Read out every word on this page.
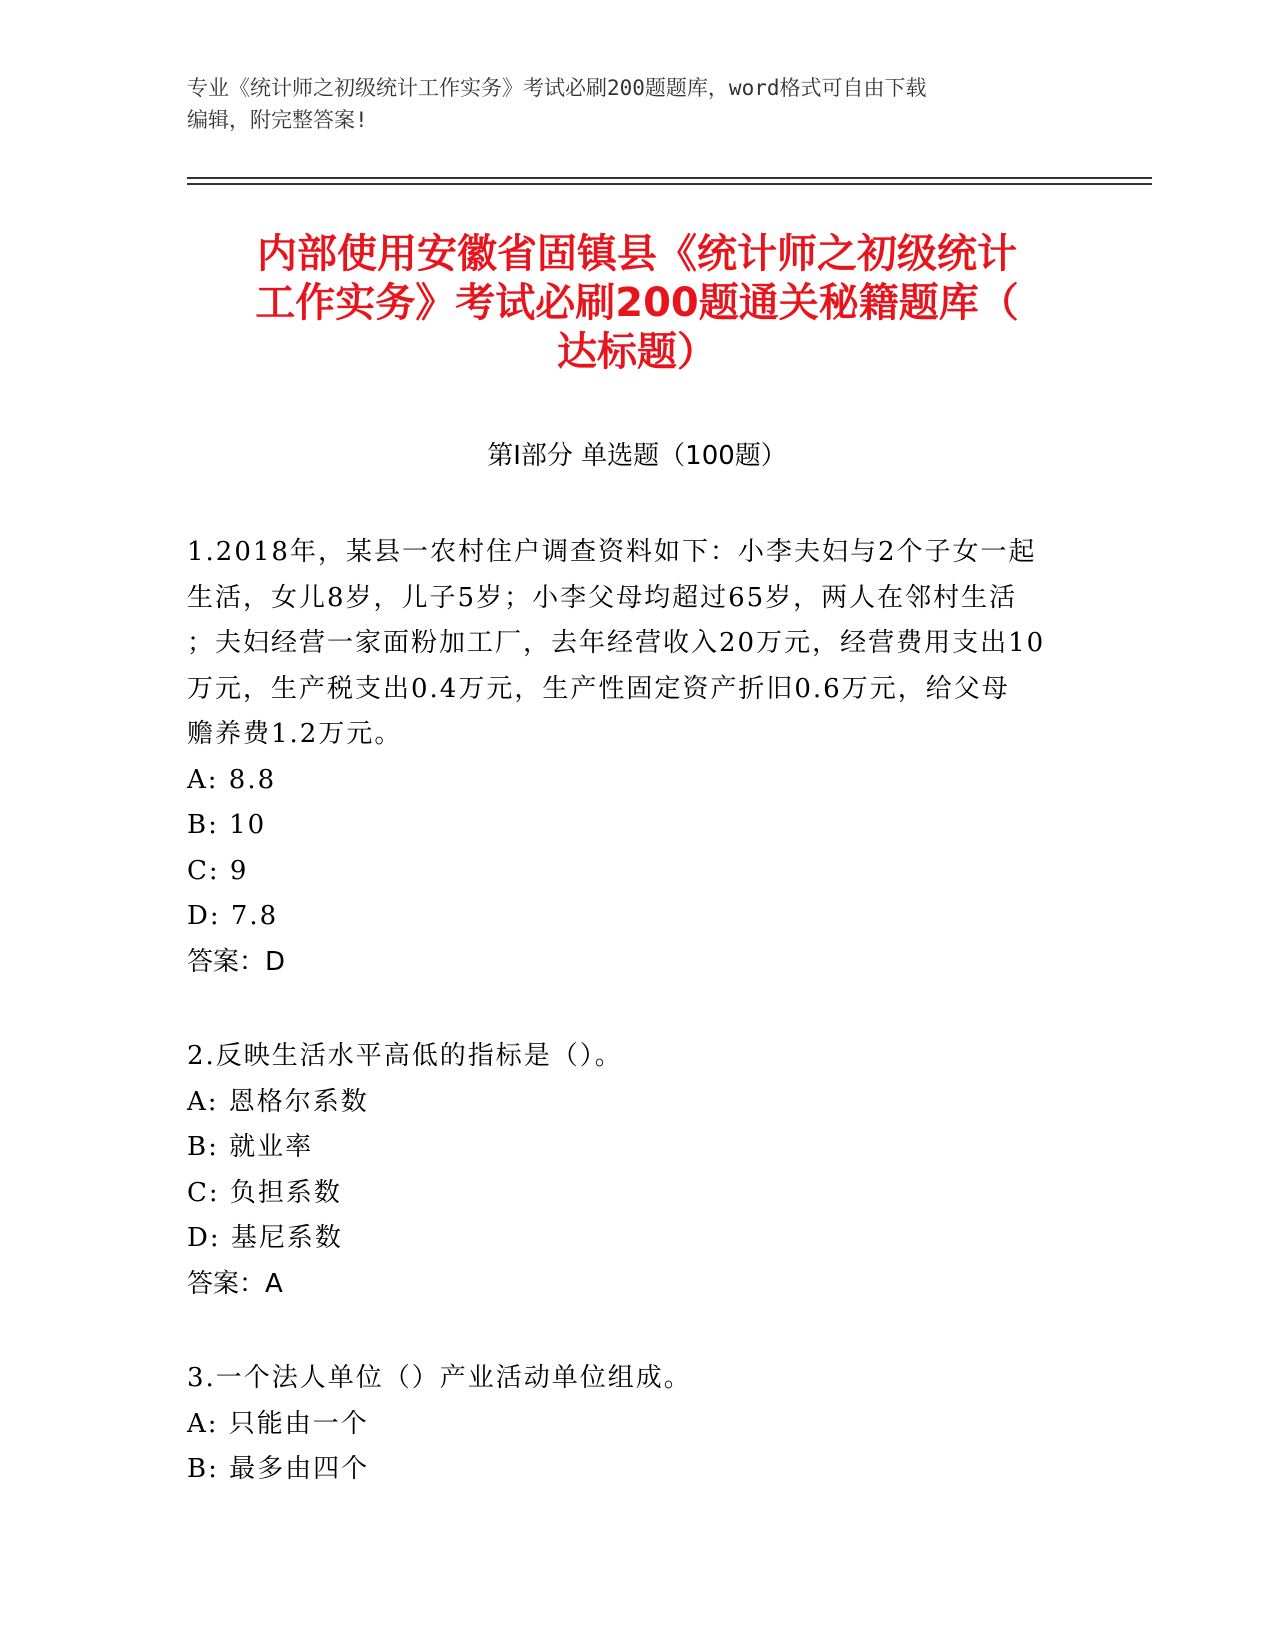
专业《统计师之初级统计工作实务》考试必刷200题题库，word格式可自由下载

编辑，附完整答案!

内部使用安徽省固镇县《统计师之初级统计

工作实务》考试必刷200题通关秘籍题库（

达标题）

第Ⅰ部分 单选题（100题）
1.2018年，某县一农村住户调查资料如下：小李夫妇与2个子女一起
生活，女儿8岁，儿子5岁；小李父母均超过65岁，两人在邻村生活
；夫妇经营一家面粉加工厂，去年经营收入20万元，经营费用支出10
万元，生产税支出0.4万元，生产性固定资产折旧0.6万元，给父母
赡养费1.2万元。
A: 8.8
B: 10
C: 9
D: 7.8
答案：D
2.反映生活水平高低的指标是（）。
A: 恩格尔系数
B: 就业率
C: 负担系数
D: 基尼系数
答案：A
3.一个法人单位（）产业活动单位组成。
A: 只能由一个
B: 最多由四个
